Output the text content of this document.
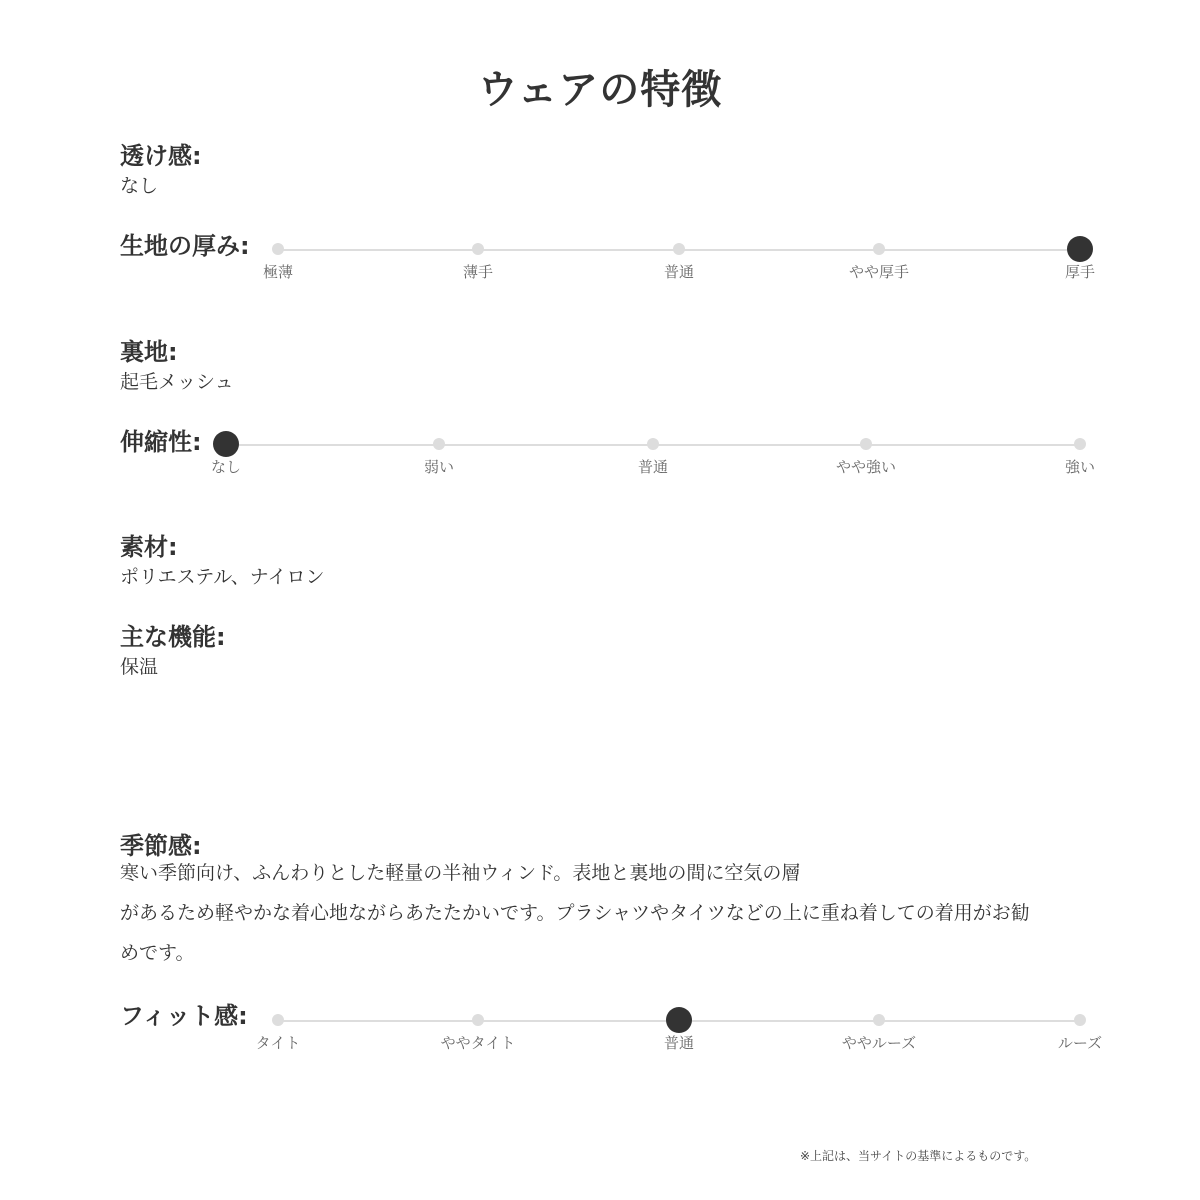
ウェアの特徴
透け感:
なし
生地の厚み:
極薄	薄手	普通	やや厚手	厚手
裏地:
起毛メッシュ
伸縮性:
なし	弱い	普通	やや強い	強い
素材:
ポリエステル、ナイロン
主な機能:
保温
季節感:
寒い季節向け、ふんわりとした軽量の半袖ウィンド。表地と裏地の間に空気の層
があるため軽やかな着心地ながらあたたかいです。プラシャツやタイツなどの上に重ね着しての着用がお勧
めです。
フィット感:
タイト	ややタイト	普通	ややルーズ	ルーズ
※上記は、当サイトの基準によるものです。
